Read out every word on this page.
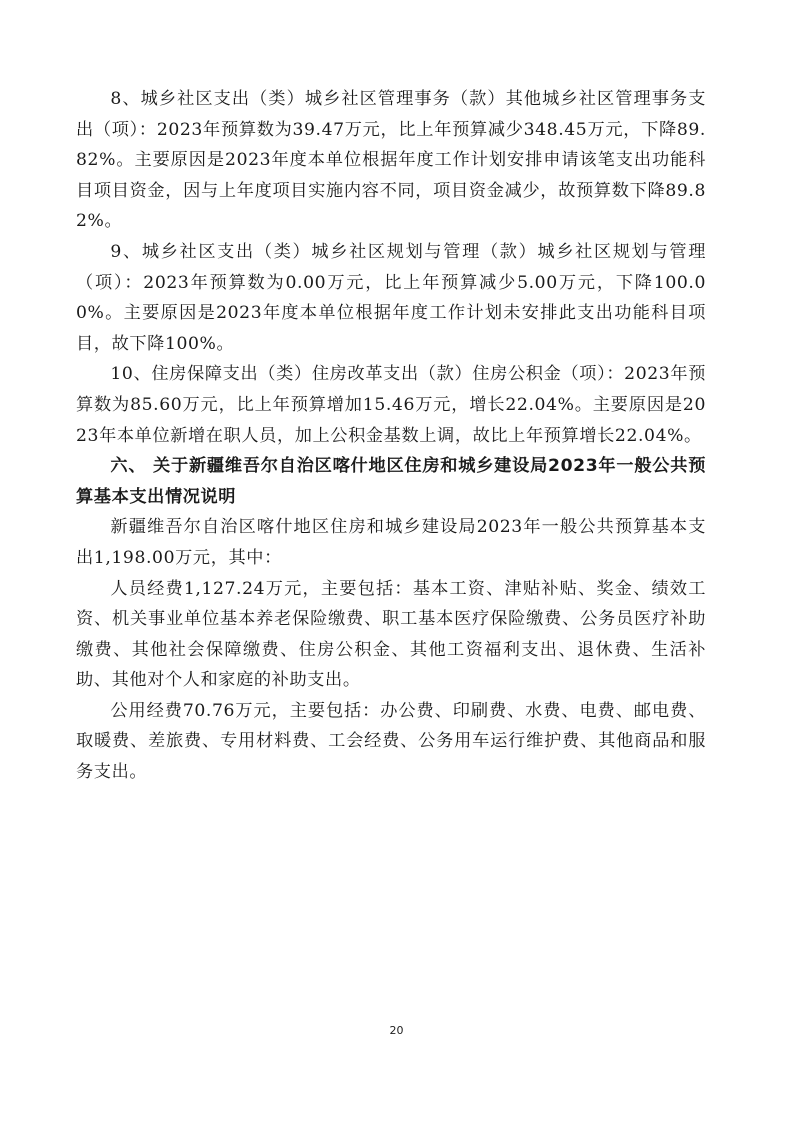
8、城乡社区支出（类）城乡社区管理事务（款）其他城乡社区管理事务支出（项）：2023年预算数为39.47万元，比上年预算减少348.45万元，下降89.82%。主要原因是2023年度本单位根据年度工作计划安排申请该笔支出功能科目项目资金，因与上年度项目实施内容不同，项目资金减少，故预算数下降89.82%。

9、城乡社区支出（类）城乡社区规划与管理（款）城乡社区规划与管理（项）：2023年预算数为0.00万元，比上年预算减少5.00万元，下降100.00%。主要原因是2023年度本单位根据年度工作计划未安排此支出功能科目项目，故下降100%。

10、住房保障支出（类）住房改革支出（款）住房公积金（项）：2023年预算数为85.60万元，比上年预算增加15.46万元，增长22.04%。主要原因是2023年本单位新增在职人员，加上公积金基数上调，故比上年预算增长22.04%。

六、 关于新疆维吾尔自治区喀什地区住房和城乡建设局2023年一般公共预算基本支出情况说明

新疆维吾尔自治区喀什地区住房和城乡建设局2023年一般公共预算基本支出1,198.00万元，其中：

人员经费1,127.24万元，主要包括：基本工资、津贴补贴、奖金、绩效工资、机关事业单位基本养老保险缴费、职工基本医疗保险缴费、公务员医疗补助缴费、其他社会保障缴费、住房公积金、其他工资福利支出、退休费、生活补助、其他对个人和家庭的补助支出。

公用经费70.76万元，主要包括：办公费、印刷费、水费、电费、邮电费、取暖费、差旅费、专用材料费、工会经费、公务用车运行维护费、其他商品和服务支出。

20
